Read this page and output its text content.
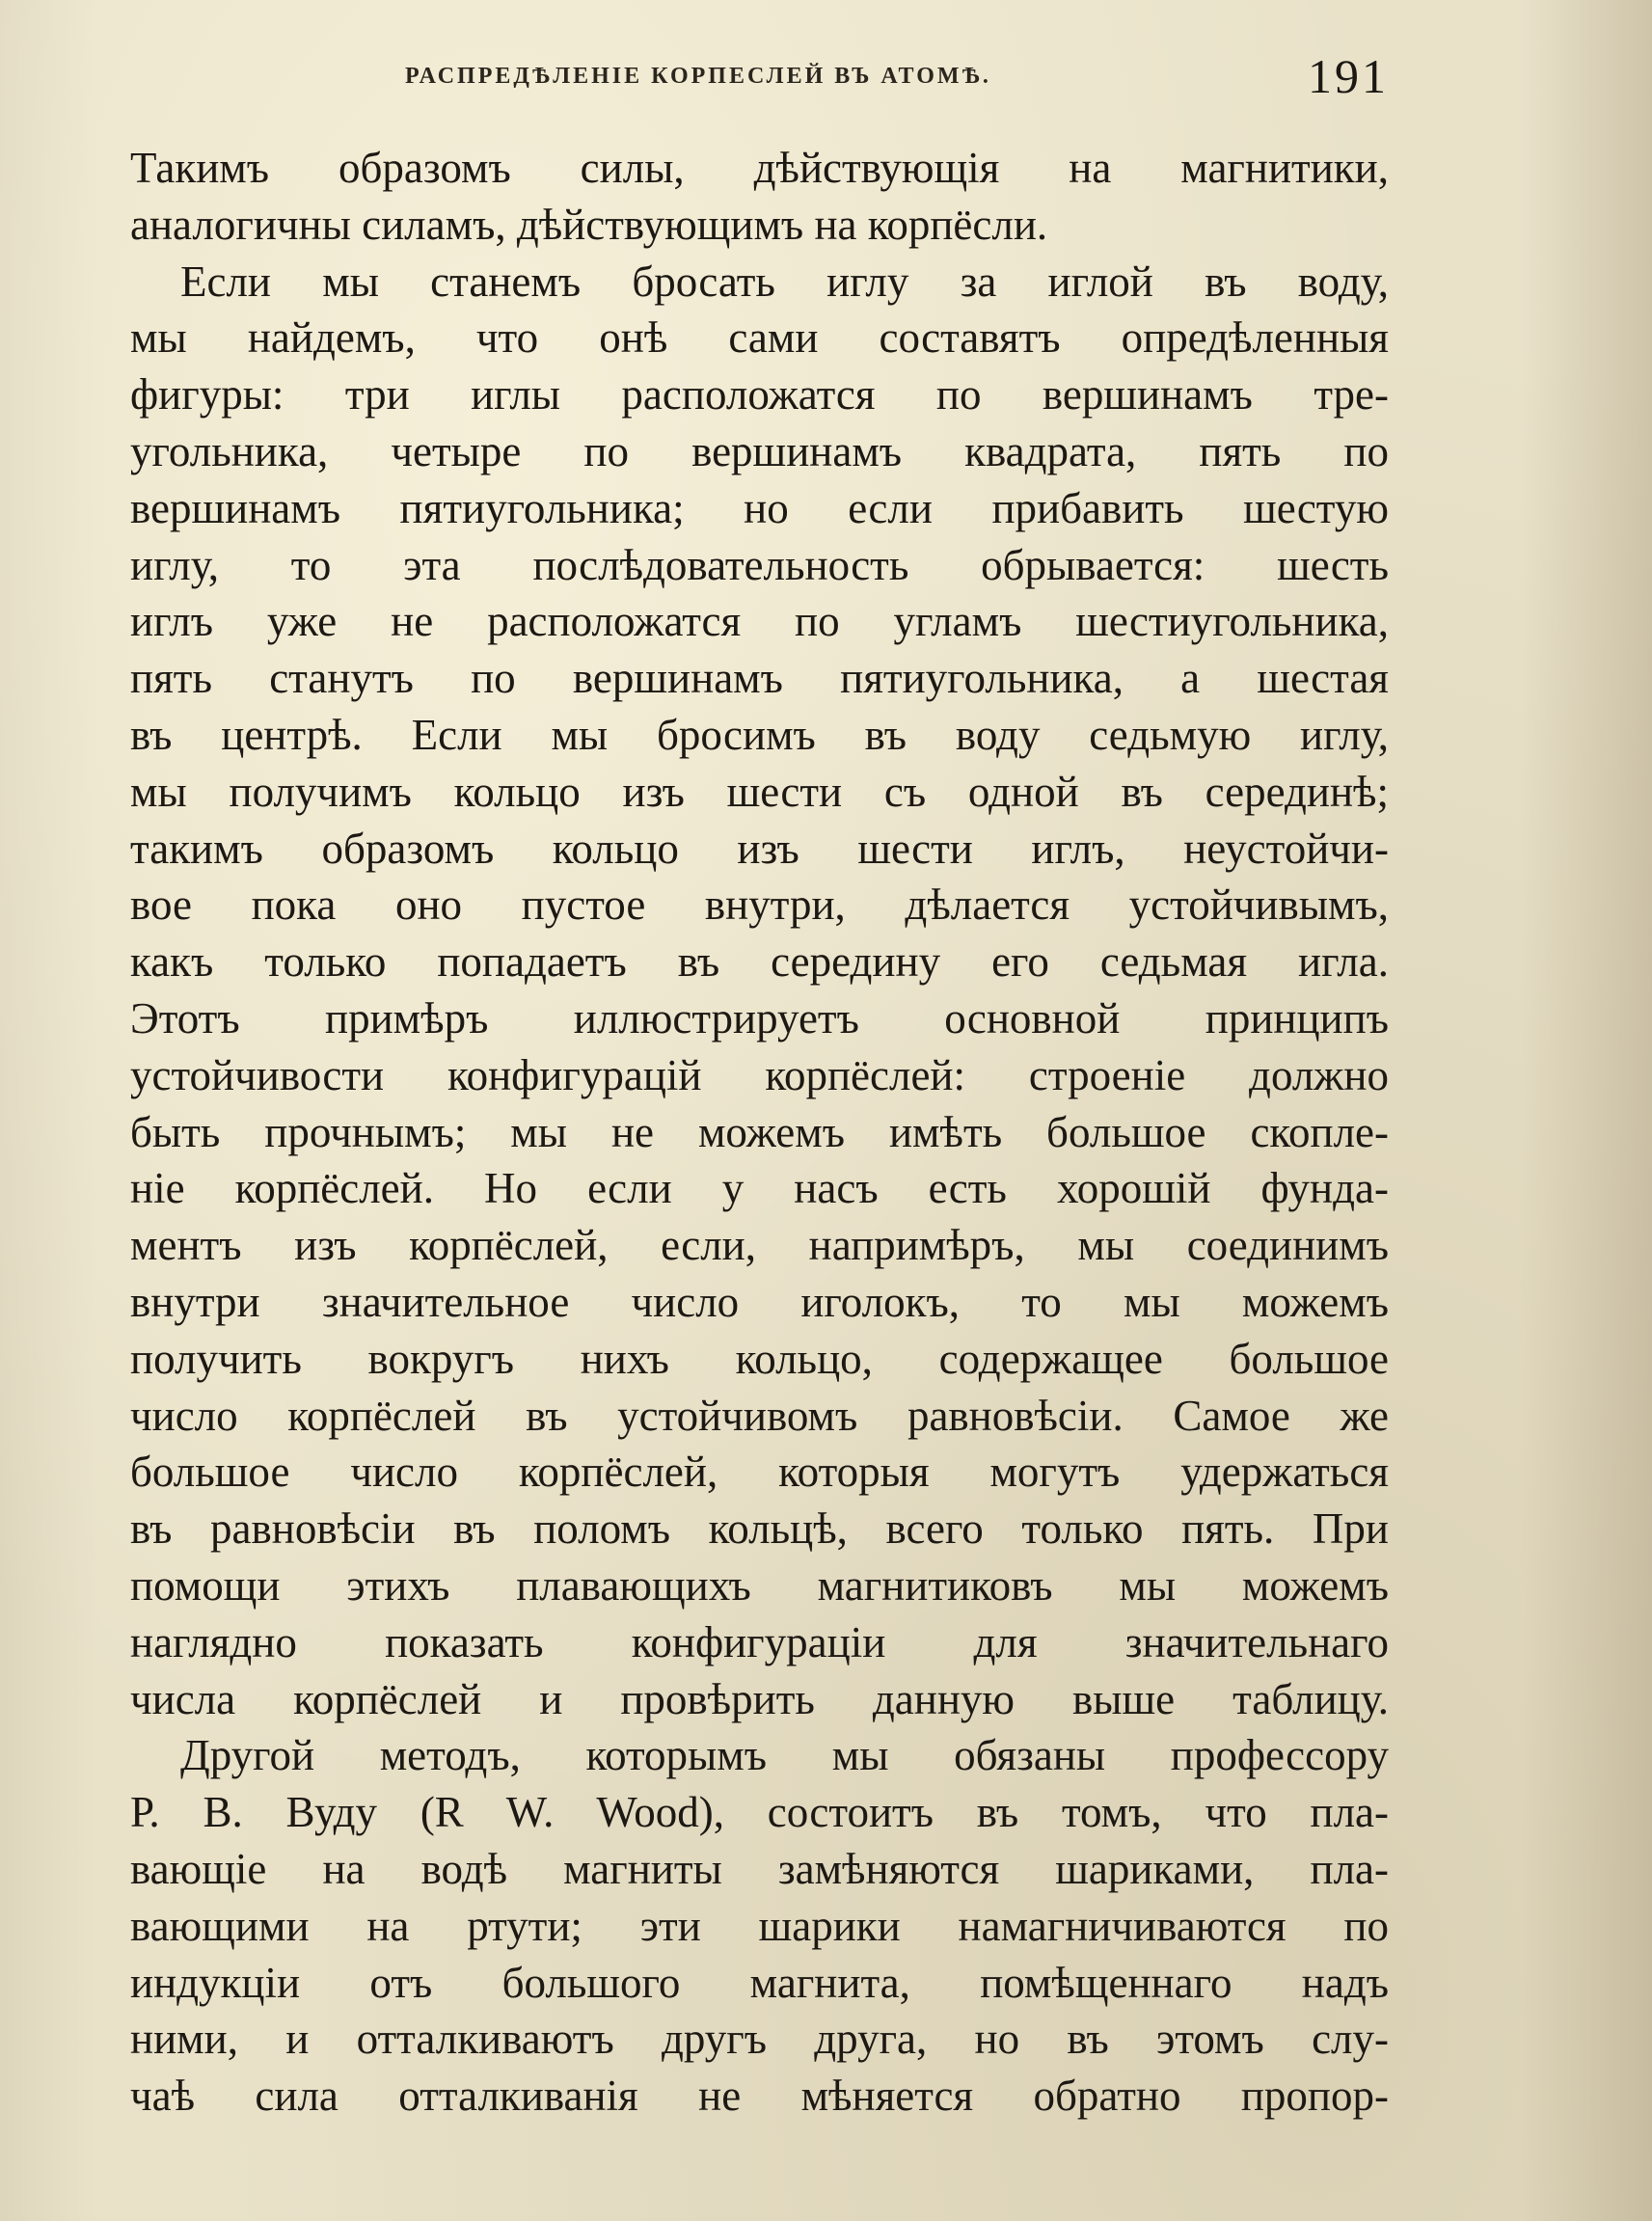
РАСПРЕДѢЛЕНІЕ КОРПЕСЛЕЙ ВЪ АТОМѢ.	191
Такимъ образомъ силы, дѣйствующія на магнитики,
аналогичны силамъ, дѣйствующимъ на корпёсли.
Если мы станемъ бросать иглу за иглой въ воду,
мы найдемъ, что онѣ сами составятъ опредѣленныя
фигуры: три иглы расположатся по вершинамъ тре-
угольника, четыре по вершинамъ квадрата, пять по
вершинамъ пятиугольника; но если прибавить шестую
иглу, то эта послѣдовательность обрывается: шесть
иглъ уже не расположатся по угламъ шестиугольника,
пять станутъ по вершинамъ пятиугольника, а шестая
въ центрѣ. Если мы бросимъ въ воду седьмую иглу,
мы получимъ кольцо изъ шести съ одной въ серединѣ;
такимъ образомъ кольцо изъ шести иглъ, неустойчи-
вое пока оно пустое внутри, дѣлается устойчивымъ,
какъ только попадаетъ въ середину его седьмая игла.
Этотъ примѣръ иллюстрируетъ основной принципъ
устойчивости конфигурацій корпёслей: строеніе должно
быть прочнымъ; мы не можемъ имѣть большое скопле-
ніе корпёслей. Но если у насъ есть хорошій фунда-
ментъ изъ корпёслей, если, напримѣръ, мы соединимъ
внутри значительное число иголокъ, то мы можемъ
получить вокругъ нихъ кольцо, содержащее большое
число корпёслей въ устойчивомъ равновѣсіи. Самое же
большое число корпёслей, которыя могутъ удержаться
въ равновѣсіи въ поломъ кольцѣ, всего только пять. При
помощи этихъ плавающихъ магнитиковъ мы можемъ
наглядно показать конфигураціи для значительнаго
числа корпёслей и провѣрить данную выше таблицу.
Другой методъ, которымъ мы обязаны профессору
Р. В. Вуду (R W. Wood), состоитъ въ томъ, что пла-
вающіе на водѣ магниты замѣняются шариками, пла-
вающими на ртути; эти шарики намагничиваются по
индукціи отъ большого магнита, помѣщеннаго надъ
ними, и отталкиваютъ другъ друга, но въ этомъ слу-
чаѣ сила отталкиванія не мѣняется обратно пропор-
